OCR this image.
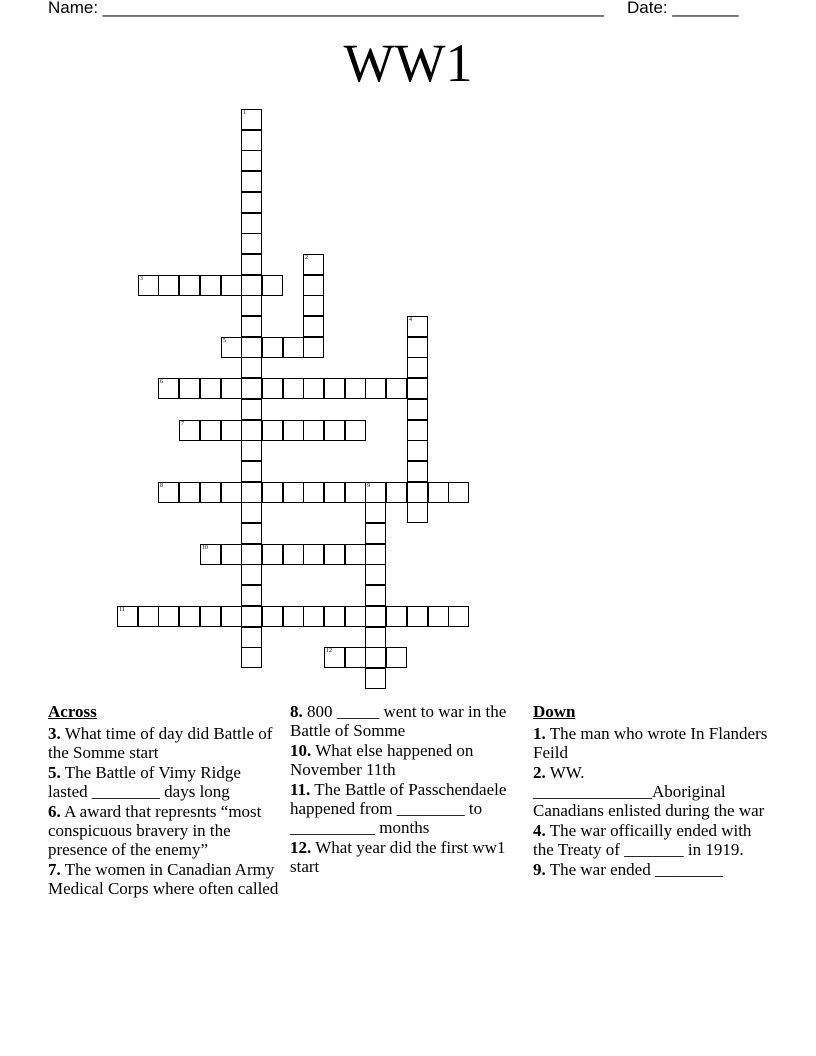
Name: _____________________________________________________ Date: _______
WW1
1
2
3
4
5
6
7
8	9
10
11
12
Across
3. What time of day did Battle of the Somme start
5. The Battle of Vimy Ridge lasted ________ days long
6. A award that represnts “most conspicuous bravery in the presence of the enemy”
7. The women in Canadian Army Medical Corps where often called
8. 800 _____ went to war in the Battle of Somme
10. What else happened on November 11th
11. The Battle of Passchendaele happened from ________ to __________ months
12. What year did the first ww1 start
Down
1. The man who wrote In Flanders Feild
2. WW. ______________Aboriginal Canadians enlisted during the war
4. The war officailly ended with the Treaty of _______ in 1919.
9. The war ended ________
